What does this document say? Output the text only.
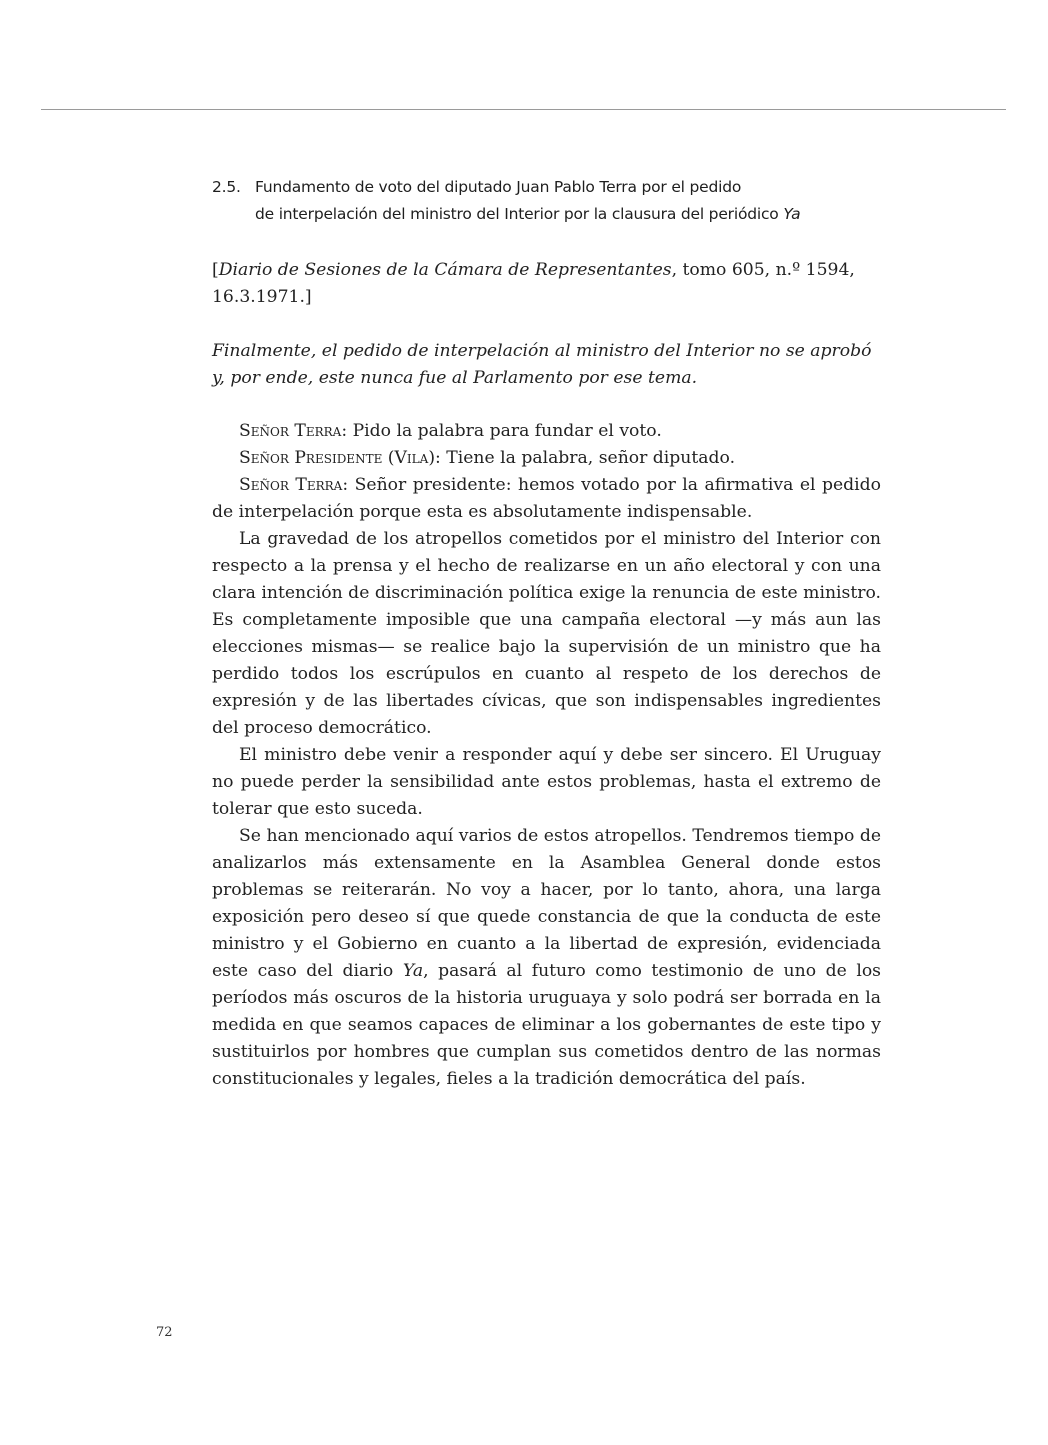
2.5. Fundamento de voto del diputado Juan Pablo Terra por el pedido
de interpelación del ministro del Interior por la clausura del periódico Ya

[Diario de Sesiones de la Cámara de Representantes, tomo 605, n.º 1594, 16.3.1971.]

Finalmente, el pedido de interpelación al ministro del Interior no se aprobó y, por ende, este nunca fue al Parlamento por ese tema.

Señor Terra: Pido la palabra para fundar el voto.

Señor Presidente (Vila): Tiene la palabra, señor diputado.

Señor Terra: Señor presidente: hemos votado por la afirmativa el pedido de interpelación porque esta es absolutamente indispensable.

La gravedad de los atropellos cometidos por el ministro del Interior con respecto a la prensa y el hecho de realizarse en un año electoral y con una clara intención de discriminación política exige la renuncia de este ministro. Es completamente imposible que una campaña electoral —y más aun las elecciones mismas— se realice bajo la supervisión de un ministro que ha perdido todos los escrúpulos en cuanto al respeto de los derechos de expresión y de las libertades cívicas, que son indispensables ingredientes del proceso democrático.

El ministro debe venir a responder aquí y debe ser sincero. El Uruguay no puede perder la sensibilidad ante estos problemas, hasta el extremo de tolerar que esto suceda.

Se han mencionado aquí varios de estos atropellos. Tendremos tiempo de analizarlos más extensamente en la Asamblea General donde estos problemas se reiterarán. No voy a hacer, por lo tanto, ahora, una larga exposición pero deseo sí que quede constancia de que la conducta de este ministro y el Gobierno en cuanto a la libertad de expresión, evidenciada este caso del diario Ya, pasará al futuro como testimonio de uno de los períodos más oscuros de la historia uruguaya y solo podrá ser borrada en la medida en que seamos capaces de eliminar a los gobernantes de este tipo y sustituirlos por hombres que cumplan sus cometidos dentro de las normas constitucionales y legales, fieles a la tradición democrática del país.

72
